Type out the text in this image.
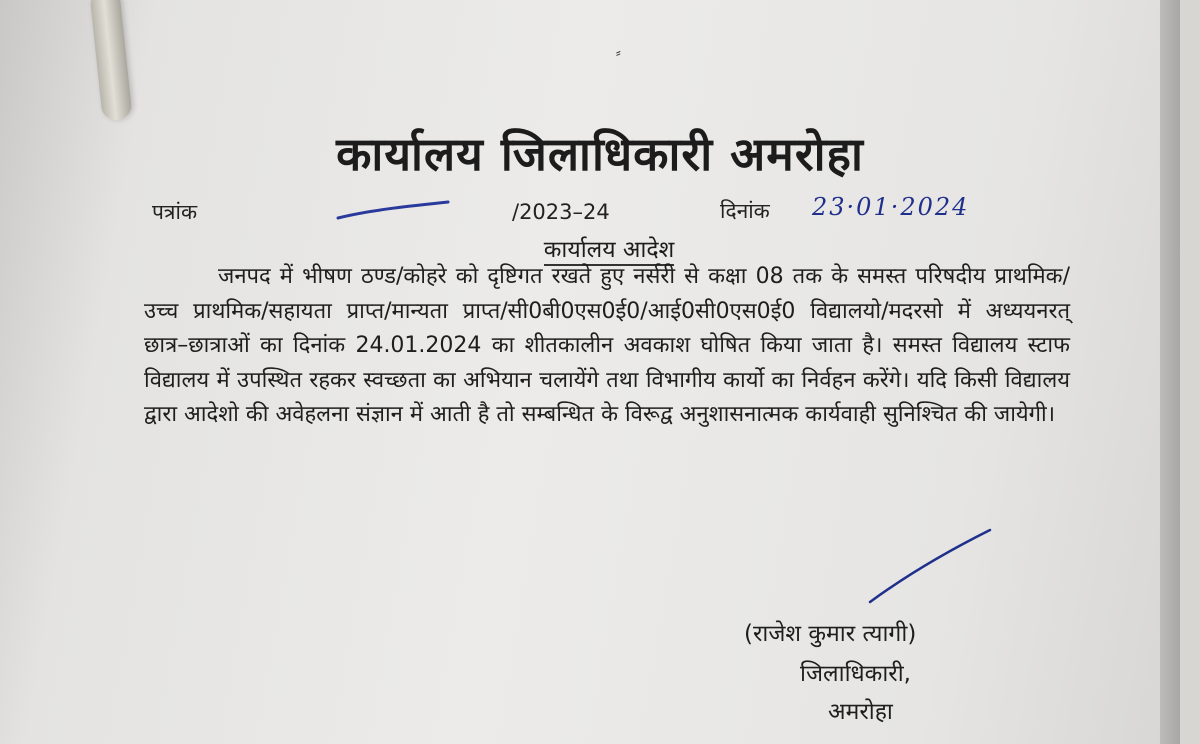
⸗
कार्यालय जिलाधिकारी अमरोहा
पत्रांक	/2023–24	दिनांक 23·01·2024
कार्यालय आदेश
जनपद में भीषण ठण्ड/कोहरे को दृष्टिगत रखते हुए नर्सरी से कक्षा 08 तक के समस्त परिषदीय प्राथमिक/उच्च प्राथमिक/सहायता प्राप्त/मान्यता प्राप्त/सी0बी0एस0ई0/आई0सी0एस0ई0 विद्यालयो/मदरसो में अध्ययनरत् छात्र–छात्राओं का दिनांक 24.01.2024 का शीतकालीन अवकाश घोषित किया जाता है। समस्त विद्यालय स्टाफ विद्यालय में उपस्थित रहकर स्वच्छता का अभियान चलायेंगे तथा विभागीय कार्यो का निर्वहन करेंगे। यदि किसी विद्यालय द्वारा आदेशो की अवेहलना संज्ञान में आती है तो सम्बन्धित के विरूद्व अनुशासनात्मक कार्यवाही सुनिश्चित की जायेगी।
(राजेश कुमार त्यागी)
जिलाधिकारी,
अमरोहा
